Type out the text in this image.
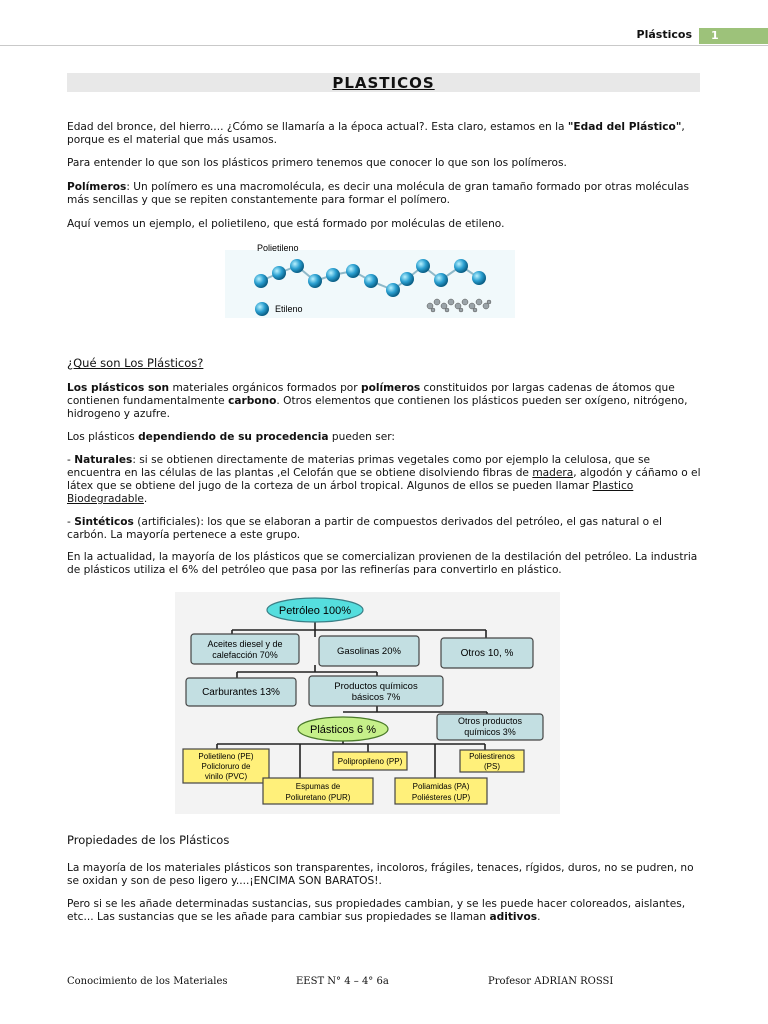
Plásticos	1
PLASTICOS
Edad del bronce, del hierro.... ¿Cómo se llamaría a la época actual?. Esta claro, estamos en la "Edad del Plástico", porque es el material que más usamos.
Para entender lo que son los plásticos primero tenemos que conocer lo que son los polímeros.
Polímeros: Un polímero es una macromolécula, es decir una molécula de gran tamaño formado por otras moléculas más sencillas y que se repiten constantemente para formar el polímero.
Aquí vemos un ejemplo, el polietileno, que está formado por moléculas de etileno.
Polietileno
Etileno
¿Qué son Los Plásticos?
Los plásticos son materiales orgánicos formados por polímeros constituidos por largas cadenas de átomos que contienen fundamentalmente carbono. Otros elementos que contienen los plásticos pueden ser oxígeno, nitrógeno, hidrogeno y azufre.
Los plásticos dependiendo de su procedencia pueden ser:
- Naturales: si se obtienen directamente de materias primas vegetales como por ejemplo la celulosa, que se encuentra en las células de las plantas ,el Celofán que se obtiene disolviendo fibras de madera, algodón y cáñamo o el látex que se obtiene del jugo de la corteza de un árbol tropical. Algunos de ellos se pueden llamar Plastico Biodegradable.
- Sintéticos (artificiales): los que se elaboran a partir de compuestos derivados del petróleo, el gas natural o el carbón. La mayoría pertenece a este grupo.
En la actualidad, la mayoría de los plásticos que se comercializan provienen de la destilación del petróleo. La industria de plásticos utiliza el 6% del petróleo que pasa por las refinerías para convertirlo en plástico.
Petróleo 100%
Aceites diesel y de
calefacción 70%	Gasolinas 20%	Otros 10, %
Carburantes 13%
Productos químicos
básicos 7%
Plásticos 6 %
Otros productos
químicos 3%
Polietileno (PE)
Policloruro de
vinilo (PVC)
Polipropileno (PP)
Poliestirenos
(PS)
Espumas de
Poliuretano (PUR)
Poliamidas (PA)
Poliésteres (UP)
Propiedades de los Plásticos
La mayoría de los materiales plásticos son transparentes, incoloros, frágiles, tenaces, rígidos, duros, no se pudren, no se oxidan y son de peso ligero y....¡ENCIMA SON BARATOS!.
Pero si se les añade determinadas sustancias, sus propiedades cambian, y se les puede hacer coloreados, aislantes, etc... Las sustancias que se les añade para cambiar sus propiedades se llaman aditivos.
Conocimiento de los Materiales	EEST N° 4 – 4° 6a	Profesor ADRIAN ROSSI
